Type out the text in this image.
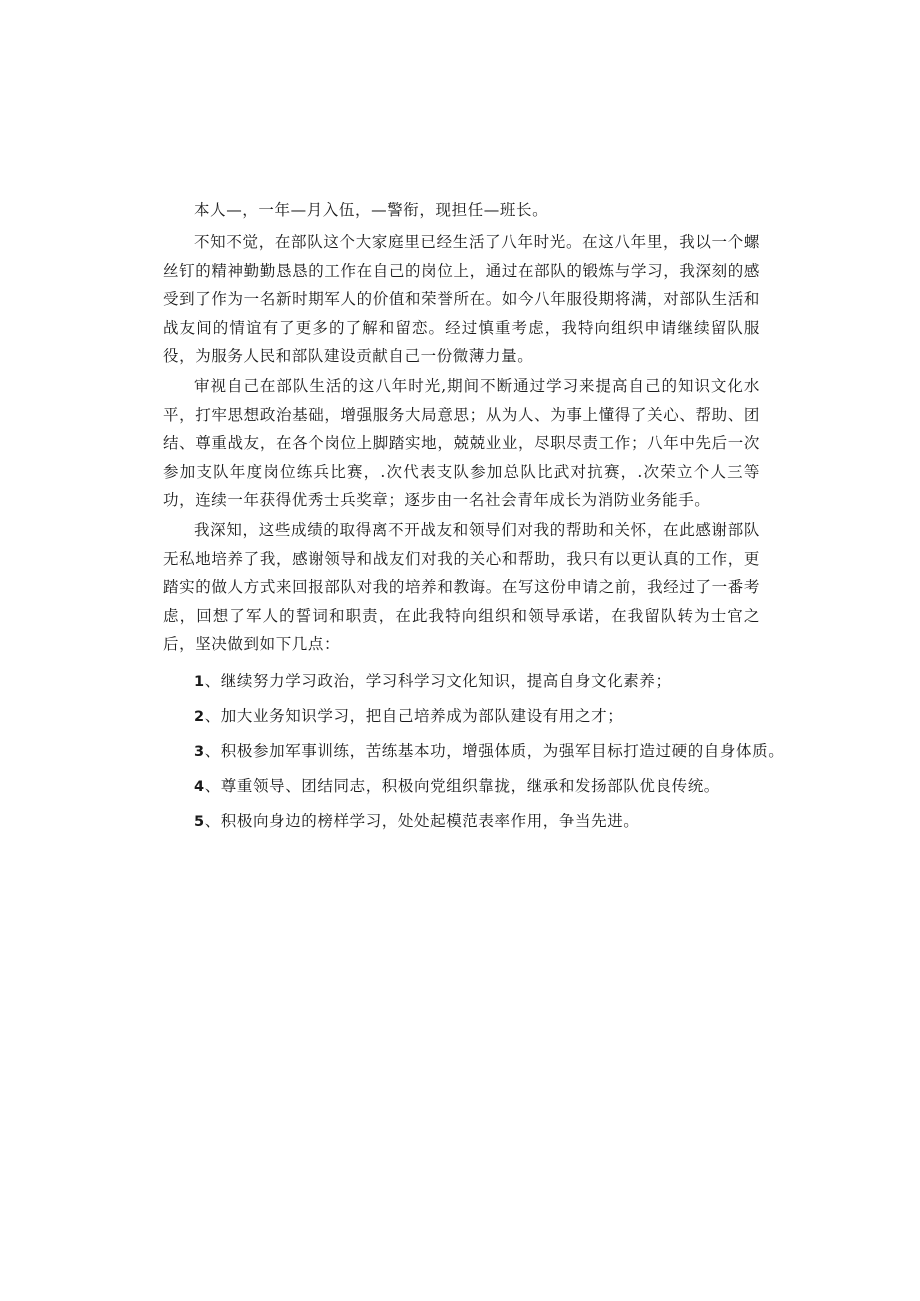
本人—，一年—月入伍，—警衔，现担任—班长。

不知不觉，在部队这个大家庭里已经生活了八年时光。在这八年里，我以一个螺丝钉的精神勤勤恳恳的工作在自己的岗位上，通过在部队的锻炼与学习，我深刻的感受到了作为一名新时期军人的价值和荣誉所在。如今八年服役期将满，对部队生活和战友间的情谊有了更多的了解和留恋。经过慎重考虑，我特向组织申请继续留队服役，为服务人民和部队建设贡献自己一份微薄力量。

审视自己在部队生活的这八年时光,期间不断通过学习来提高自己的知识文化水平，打牢思想政治基础，增强服务大局意思；从为人、为事上懂得了关心、帮助、团结、尊重战友，在各个岗位上脚踏实地，兢兢业业，尽职尽责工作；八年中先后一次参加支队年度岗位练兵比赛，.次代表支队参加总队比武对抗赛，.次荣立个人三等功，连续一年获得优秀士兵奖章；逐步由一名社会青年成长为消防业务能手。

我深知，这些成绩的取得离不开战友和领导们对我的帮助和关怀，在此感谢部队无私地培养了我，感谢领导和战友们对我的关心和帮助，我只有以更认真的工作，更踏实的做人方式来回报部队对我的培养和教诲。在写这份申请之前，我经过了一番考虑，回想了军人的誓词和职责，在此我特向组织和领导承诺，在我留队转为士官之后，坚决做到如下几点：

1、继续努力学习政治，学习科学习文化知识，提高自身文化素养；
2、加大业务知识学习，把自己培养成为部队建设有用之才；
3、积极参加军事训练，苦练基本功，增强体质，为强军目标打造过硬的自身体质。
4、尊重领导、团结同志，积极向党组织靠拢，继承和发扬部队优良传统。
5、积极向身边的榜样学习，处处起模范表率作用，争当先进。
